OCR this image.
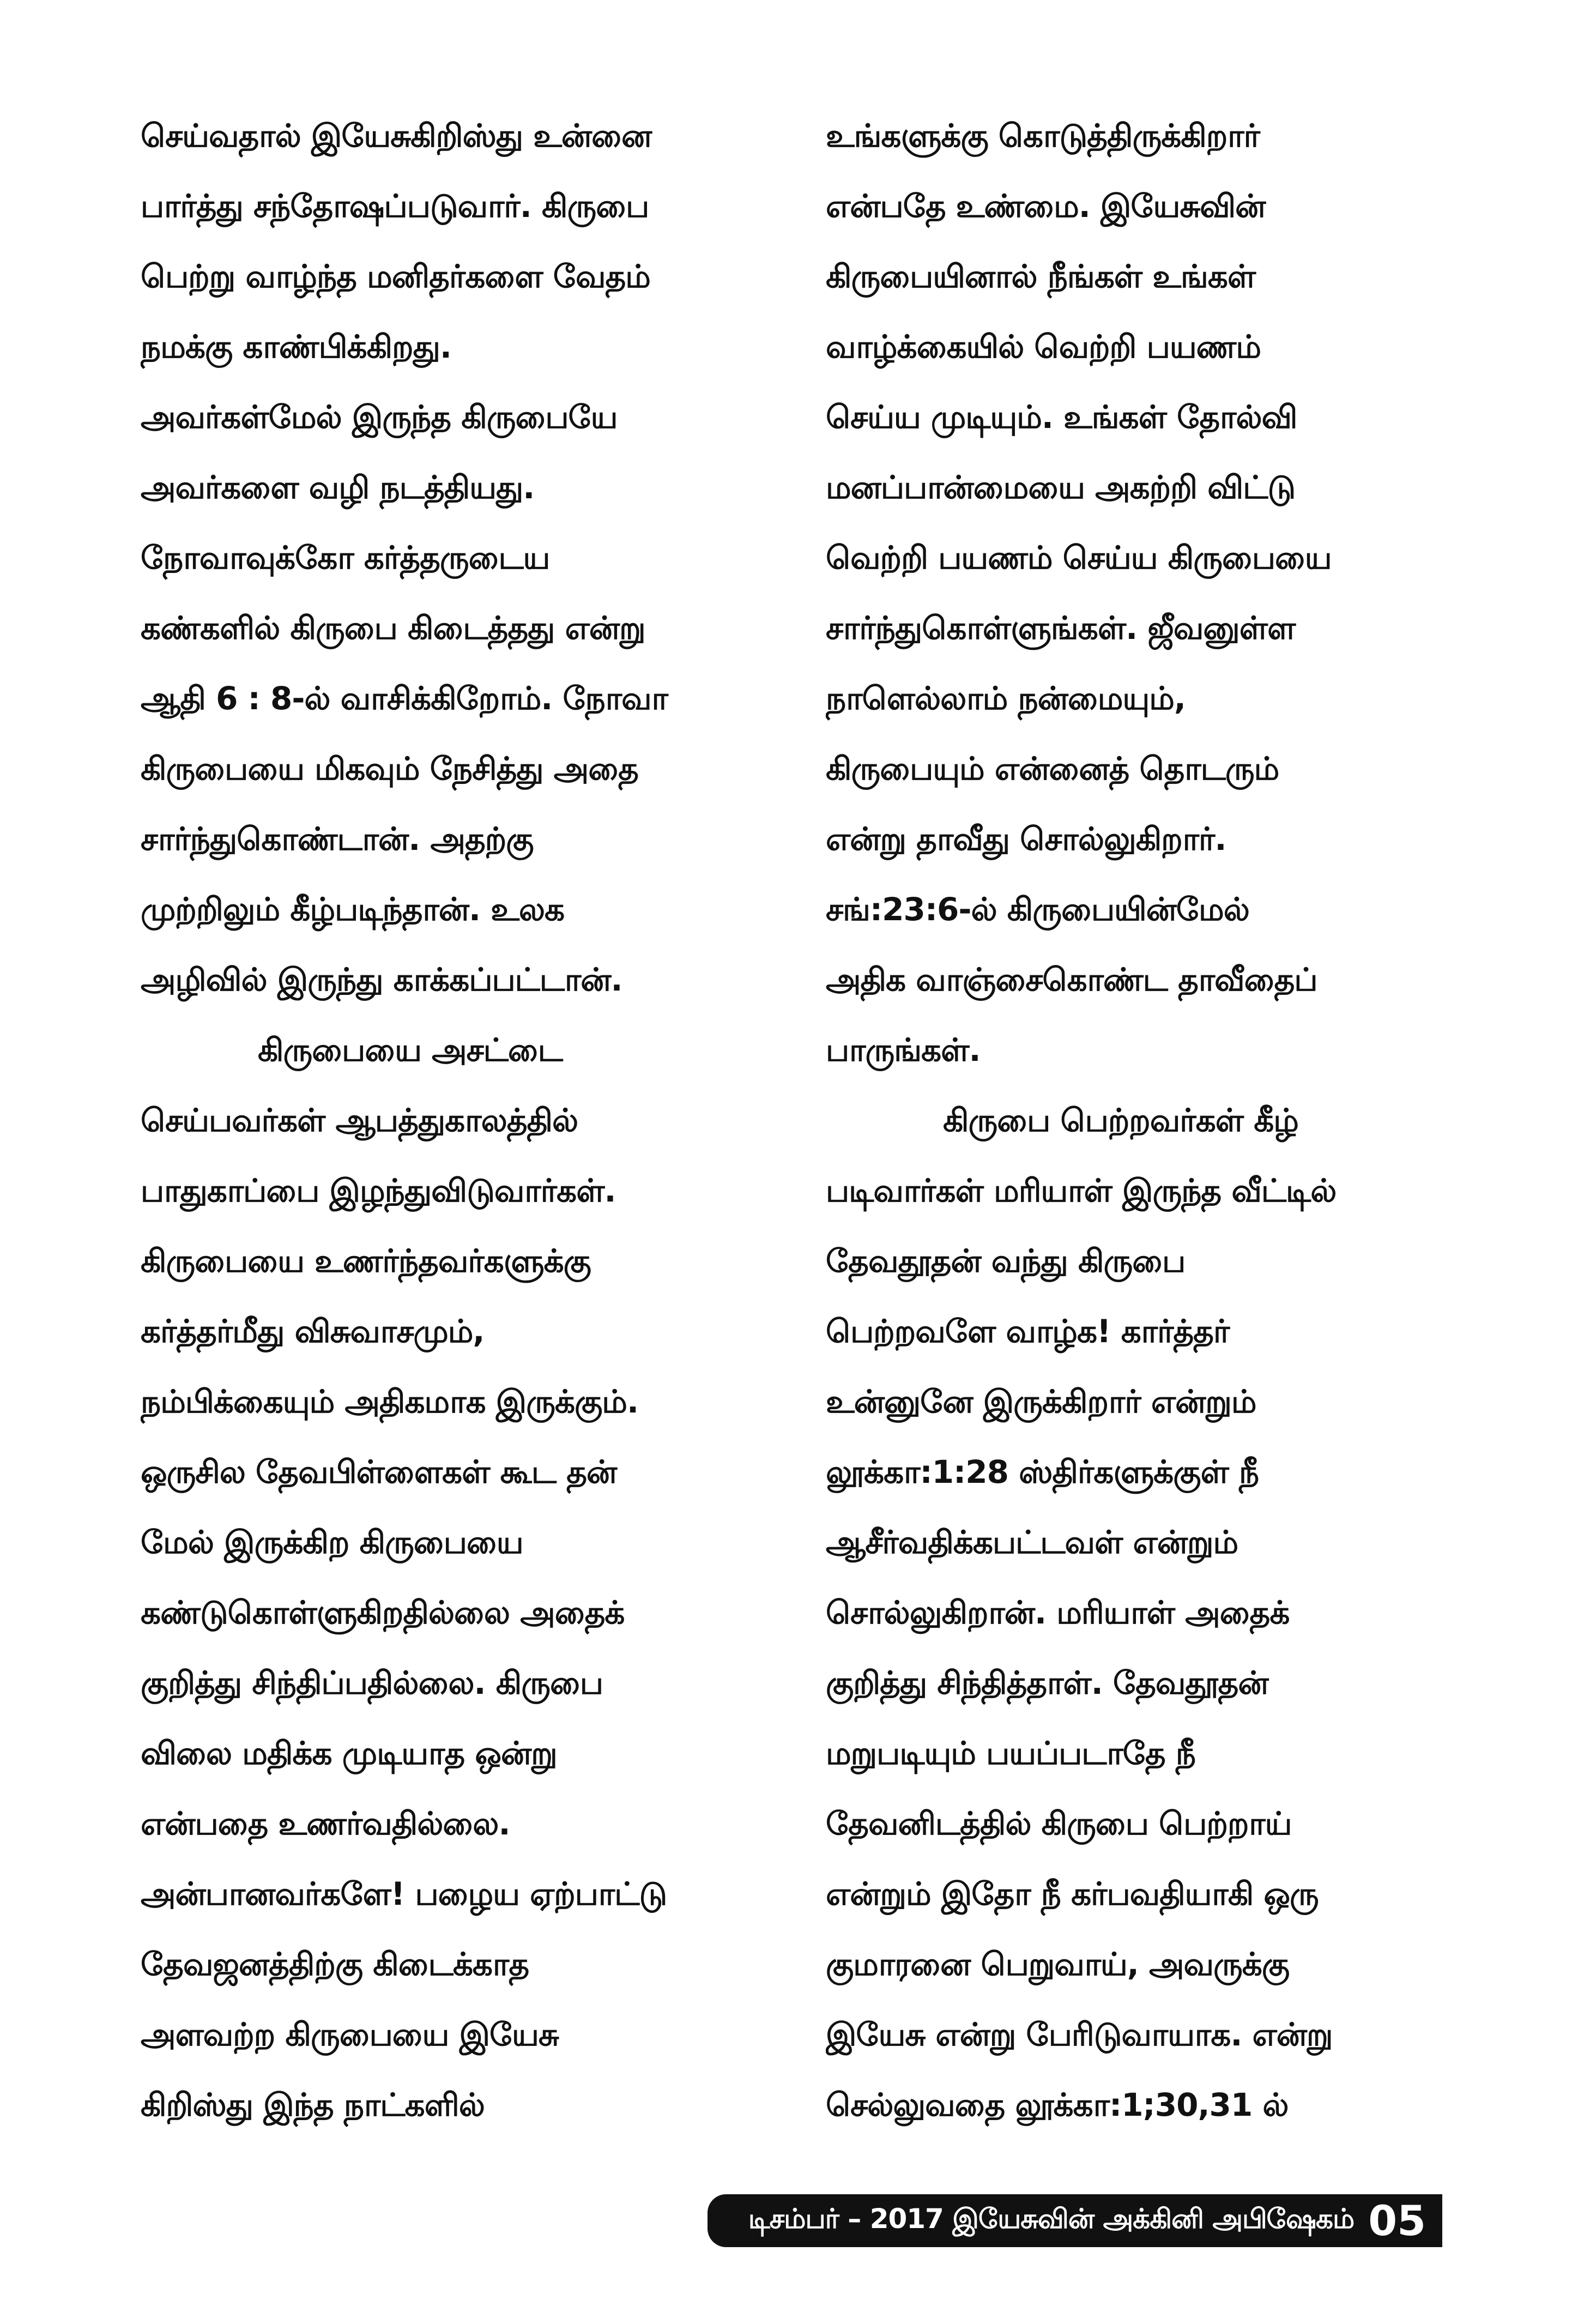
செய்வதால் இயேசுகிறிஸ்து உன்னை
பார்த்து சந்தோஷப்படுவார். கிருபை
பெற்று வாழ்ந்த மனிதர்களை வேதம்
நமக்கு காண்பிக்கிறது.
அவர்கள்மேல் இருந்த கிருபையே
அவர்களை வழி நடத்தியது.
நோவாவுக்கோ கர்த்தருடைய
கண்களில் கிருபை கிடைத்தது என்று
ஆதி 6 : 8-ல் வாசிக்கிறோம். நோவா
கிருபையை மிகவும் நேசித்து அதை
சார்ந்துகொண்டான். அதற்கு
முற்றிலும் கீழ்படிந்தான். உலக
அழிவில் இருந்து காக்கப்பட்டான்.
கிருபையை அசட்டை
செய்பவர்கள் ஆபத்துகாலத்தில்
பாதுகாப்பை இழந்துவிடுவார்கள்.
கிருபையை உணர்ந்தவர்களுக்கு
கர்த்தர்மீது விசுவாசமும்,
நம்பிக்கையும் அதிகமாக இருக்கும்.
ஒருசில தேவபிள்ளைகள் கூட தன்
மேல் இருக்கிற கிருபையை
கண்டுகொள்ளுகிறதில்லை அதைக்
குறித்து சிந்திப்பதில்லை. கிருபை
விலை மதிக்க முடியாத ஒன்று
என்பதை உணர்வதில்லை.
அன்பானவர்களே! பழைய ஏற்பாட்டு
தேவஜனத்திற்கு கிடைக்காத
அளவற்ற கிருபையை இயேசு
கிறிஸ்து இந்த நாட்களில்
உங்களுக்கு கொடுத்திருக்கிறார்
என்பதே உண்மை. இயேசுவின்
கிருபையினால் நீங்கள் உங்கள்
வாழ்க்கையில் வெற்றி பயணம்
செய்ய முடியும். உங்கள் தோல்வி
மனப்பான்மையை அகற்றி விட்டு
வெற்றி பயணம் செய்ய கிருபையை
சார்ந்துகொள்ளுங்கள். ஜீவனுள்ள
நாளெல்லாம் நன்மையும்,
கிருபையும் என்னைத் தொடரும்
என்று தாவீது சொல்லுகிறார்.
சங்:23:6-ல் கிருபையின்மேல்
அதிக வாஞ்சைகொண்ட தாவீதைப்
பாருங்கள்.
கிருபை பெற்றவர்கள் கீழ்
படிவார்கள் மரியாள் இருந்த வீட்டில்
தேவதூதன் வந்து கிருபை
பெற்றவளே வாழ்க! கார்த்தர்
உன்னுனே இருக்கிறார் என்றும்
லூக்கா:1:28 ஸ்திர்களுக்குள் நீ
ஆசீர்வதிக்கபட்டவள் என்றும்
சொல்லுகிறான். மரியாள் அதைக்
குறித்து சிந்தித்தாள். தேவதூதன்
மறுபடியும் பயப்படாதே நீ
தேவனிடத்தில் கிருபை பெற்றாய்
என்றும் இதோ நீ கர்பவதியாகி ஒரு
குமாரனை பெறுவாய், அவருக்கு
இயேசு என்று பேரிடுவாயாக. என்று
செல்லுவதை லூக்கா:1;30,31 ல்
டிசம்பர் – 2017 இயேசுவின் அக்கினி அபிஷேகம் 05
